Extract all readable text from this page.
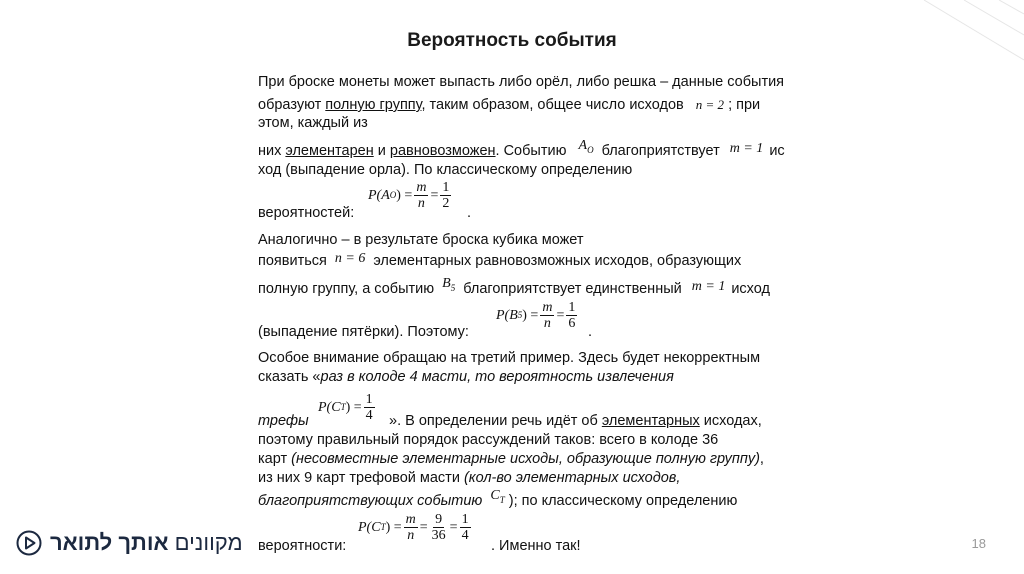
Вероятность события
При броске монеты может выпасть либо орёл, либо решка – данные события
образуют полную группу, таким образом, общее число исходов n = 2 ; при
этом, каждый из
них элементарен и равновозможен. Событию $A_O$ благоприятствует m = 1 ис
ход (выпадение орла). По классическому определению
вероятностей:	.
P(A O ) = $\frac{m}{n} = \frac{1}{2}$
Аналогично – в результате броска кубика может
появиться n = 6 элементарных равновозможных исходов, образующих
полную группу, а событию $B_5$ благоприятствует единственный m = 1 исход
(выпадение пятёрки). Поэтому:	.
P(B 5 ) = $\frac{m}{n} = \frac{1}{6}$
Особое внимание обращаю на третий пример. Здесь будет некорректным
сказать «раз в колоде 4 масти, то вероятность извлечения
P(C T ) = $\frac{1}{4}$
трефы	». В определении речь идёт об элементарных исходах,
поэтому правильный порядок рассуждений таков: всего в колоде 36
карт (несовместные элементарные исходы, образующие полную группу),
из них 9 карт трефовой масти (кол-во элементарных исходов,
благоприятствующих событию $C_T$ ); по классическому определению
вероятности:	. Именно так!
P(C T ) = $\frac{m}{n} = \frac{9}{36} = \frac{1}{4}$
מקוונים אותך לתואר	18
